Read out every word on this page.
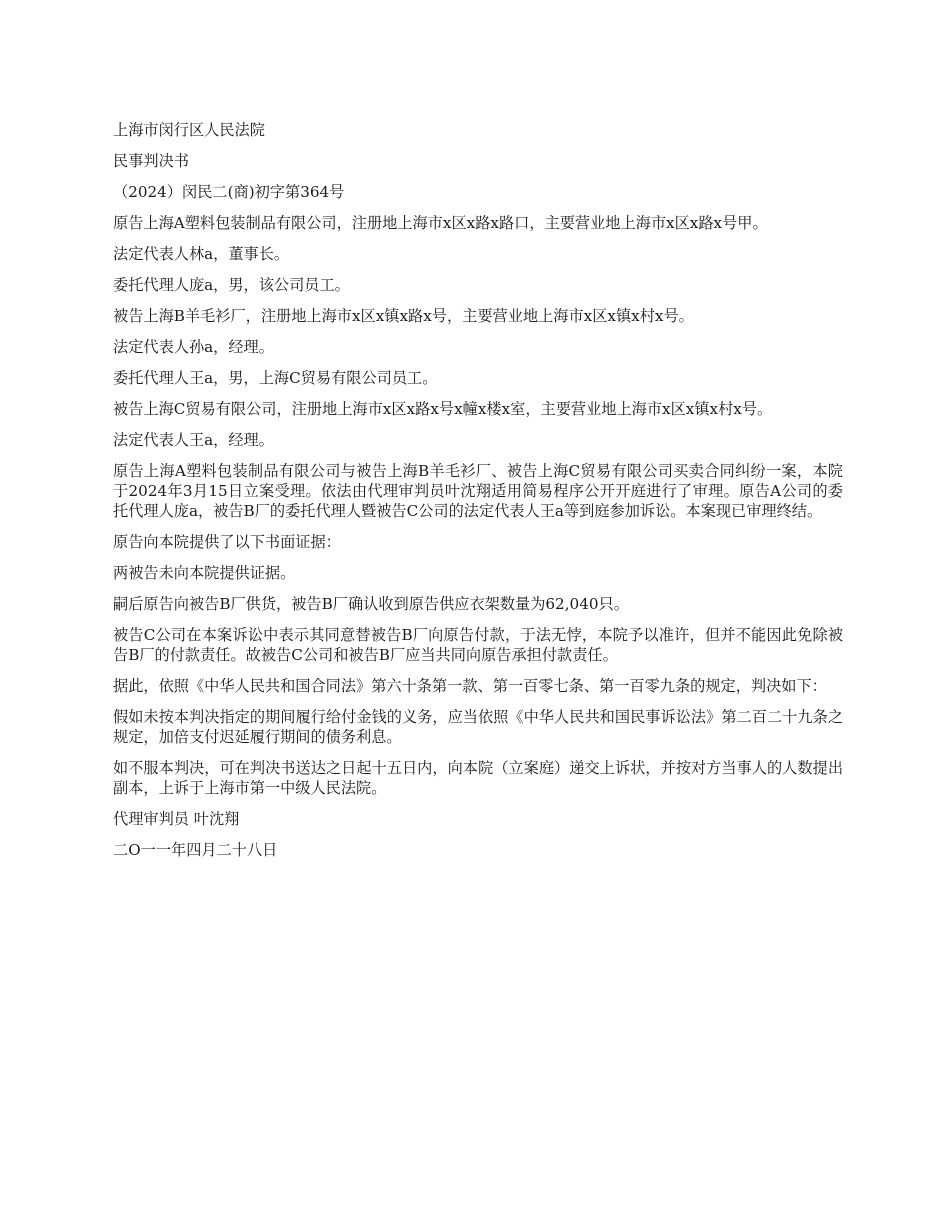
上海市闵行区人民法院

民事判决书

（2024）闵民二(商)初字第364号

原告上海A塑料包装制品有限公司，注册地上海市x区x路x路口，主要营业地上海市x区x路x号甲。

法定代表人林a，董事长。

委托代理人庞a，男，该公司员工。

被告上海B羊毛衫厂，注册地上海市x区x镇x路x号，主要营业地上海市x区x镇x村x号。

法定代表人孙a，经理。

委托代理人王a，男，上海C贸易有限公司员工。

被告上海C贸易有限公司，注册地上海市x区x路x号x幢x楼x室，主要营业地上海市x区x镇x村x号。

法定代表人王a，经理。

原告上海A塑料包装制品有限公司与被告上海B羊毛衫厂、被告上海C贸易有限公司买卖合同纠纷一案，本院于2024年3月15日立案受理。依法由代理审判员叶沈翔适用简易程序公开开庭进行了审理。原告A公司的委托代理人庞a，被告B厂的委托代理人暨被告C公司的法定代表人王a等到庭参加诉讼。本案现已审理终结。

原告向本院提供了以下书面证据：

两被告未向本院提供证据。

嗣后原告向被告B厂供货，被告B厂确认收到原告供应衣架数量为62,040只。

被告C公司在本案诉讼中表示其同意替被告B厂向原告付款，于法无悖，本院予以准许，但并不能因此免除被告B厂的付款责任。故被告C公司和被告B厂应当共同向原告承担付款责任。

据此，依照《中华人民共和国合同法》第六十条第一款、第一百零七条、第一百零九条的规定，判决如下：

假如未按本判决指定的期间履行给付金钱的义务，应当依照《中华人民共和国民事诉讼法》第二百二十九条之规定，加倍支付迟延履行期间的债务利息。

如不服本判决，可在判决书送达之日起十五日内，向本院（立案庭）递交上诉状，并按对方当事人的人数提出副本，上诉于上海市第一中级人民法院。

代理审判员 叶沈翔

二O一一年四月二十八日
